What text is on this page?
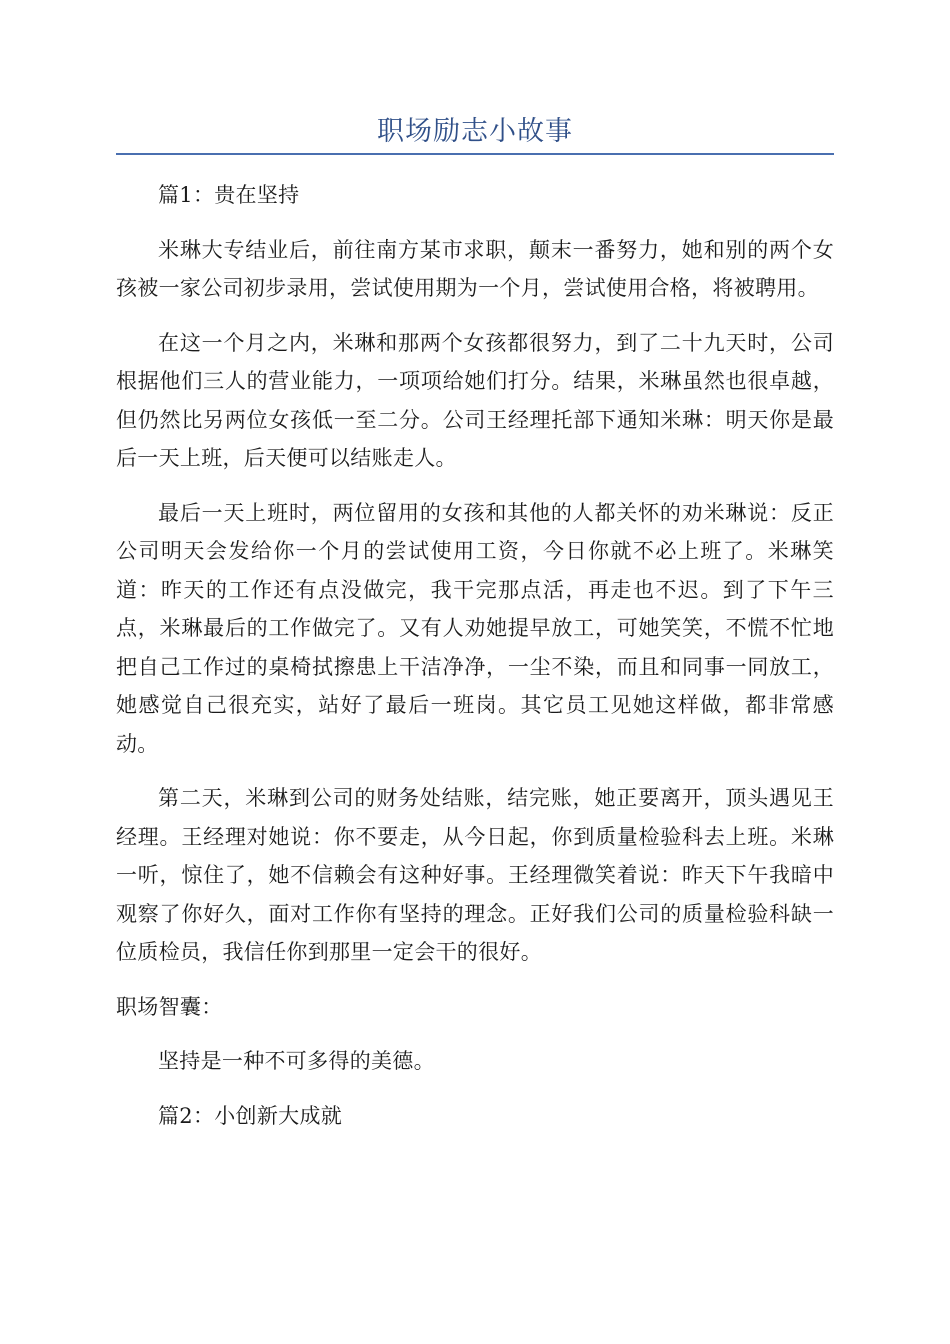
职场励志小故事

篇1：贵在坚持

米琳大专结业后，前往南方某市求职，颠末一番努力，她和别的两个女孩被一家公司初步录用，尝试使用期为一个月，尝试使用合格，将被聘用。

在这一个月之内，米琳和那两个女孩都很努力，到了二十九天时，公司根据他们三人的营业能力，一项项给她们打分。结果，米琳虽然也很卓越，但仍然比另两位女孩低一至二分。公司王经理托部下通知米琳：明天你是最后一天上班，后天便可以结账走人。

最后一天上班时，两位留用的女孩和其他的人都关怀的劝米琳说：反正公司明天会发给你一个月的尝试使用工资，今日你就不必上班了。米琳笑道：昨天的工作还有点没做完，我干完那点活，再走也不迟。到了下午三点，米琳最后的工作做完了。又有人劝她提早放工，可她笑笑，不慌不忙地把自己工作过的桌椅拭擦患上干洁净净，一尘不染，而且和同事一同放工，她感觉自己很充实，站好了最后一班岗。其它员工见她这样做，都非常感动。

第二天，米琳到公司的财务处结账，结完账，她正要离开，顶头遇见王经理。王经理对她说：你不要走，从今日起，你到质量检验科去上班。米琳一听，惊住了，她不信赖会有这种好事。王经理微笑着说：昨天下午我暗中观察了你好久，面对工作你有坚持的理念。正好我们公司的质量检验科缺一位质检员，我信任你到那里一定会干的很好。

职场智囊：

坚持是一种不可多得的美德。

篇2：小创新大成就
